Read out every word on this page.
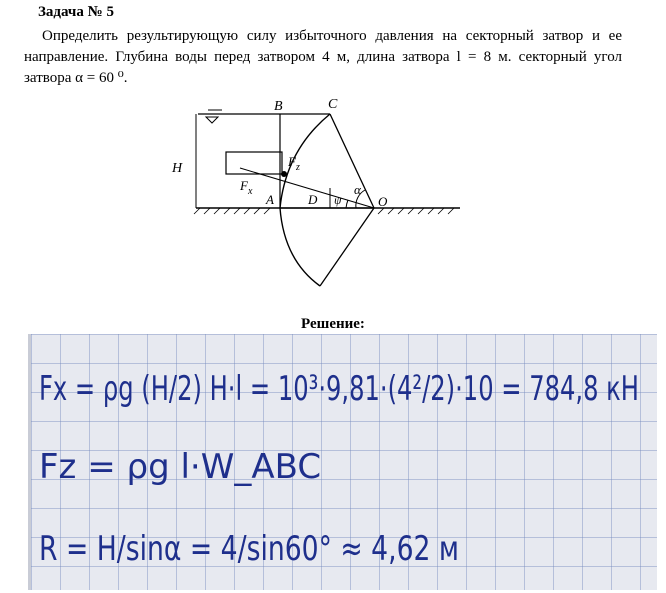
Задача № 5
Определить результирующую силу избыточного давления на секторный затвор и ее направление. Глубина воды перед затвором 4 м, длина затвора l = 8 м. секторный угол затвора α = 60 ⁰.
H
B	C
$F_z$
$F_x$
A	D ψ
α
O
Решение:
Fx = ρg (H/2) H·l = 10³·9,81·(4²/2)·10 = 784,8 кН
Fz = ρg l·W_ABC
R = H/sinα = 4/sin60° ≈ 4,62 м
